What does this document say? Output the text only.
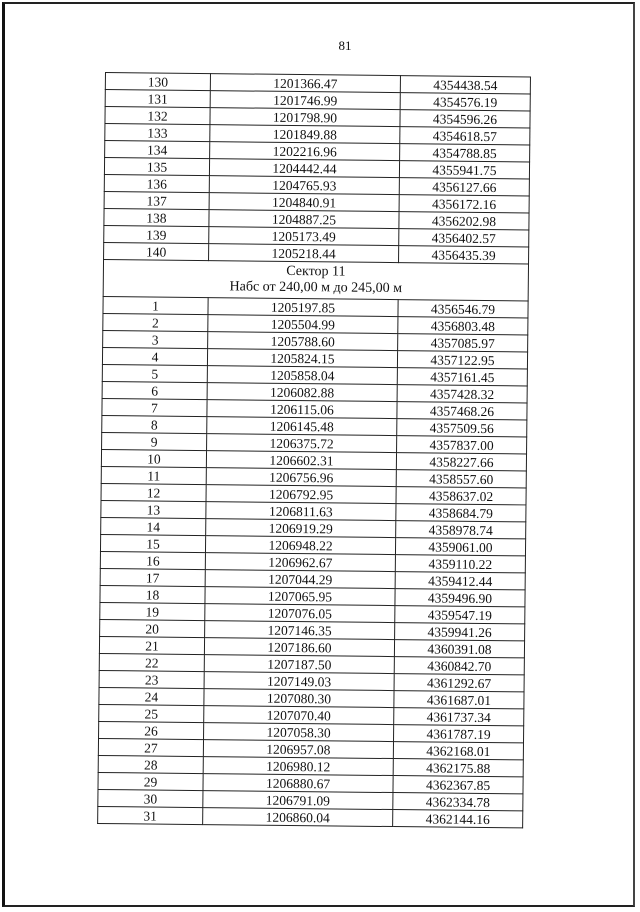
81
130	1201366.47	4354438.54
131	1201746.99	4354576.19
132	1201798.90	4354596.26
133	1201849.88	4354618.57
134	1202216.96	4354788.85
135	1204442.44	4355941.75
136	1204765.93	4356127.66
137	1204840.91	4356172.16
138	1204887.25	4356202.98
139	1205173.49	4356402.57
140	1205218.44	4356435.39

Сектор 11
Набс от 240,00 м до 245,00 м		

1	1205197.85	4356546.79
2	1205504.99	4356803.48
3	1205788.60	4357085.97
4	1205824.15	4357122.95
5	1205858.04	4357161.45
6	1206082.88	4357428.32
7	1206115.06	4357468.26
8	1206145.48	4357509.56
9	1206375.72	4357837.00
10	1206602.31	4358227.66
11	1206756.96	4358557.60
12	1206792.95	4358637.02
13	1206811.63	4358684.79
14	1206919.29	4358978.74
15	1206948.22	4359061.00
16	1206962.67	4359110.22
17	1207044.29	4359412.44
18	1207065.95	4359496.90
19	1207076.05	4359547.19
20	1207146.35	4359941.26
21	1207186.60	4360391.08
22	1207187.50	4360842.70
23	1207149.03	4361292.67
24	1207080.30	4361687.01
25	1207070.40	4361737.34
26	1207058.30	4361787.19
27	1206957.08	4362168.01
28	1206980.12	4362175.88
29	1206880.67	4362367.85
30	1206791.09	4362334.78
31	1206860.04	4362144.16
